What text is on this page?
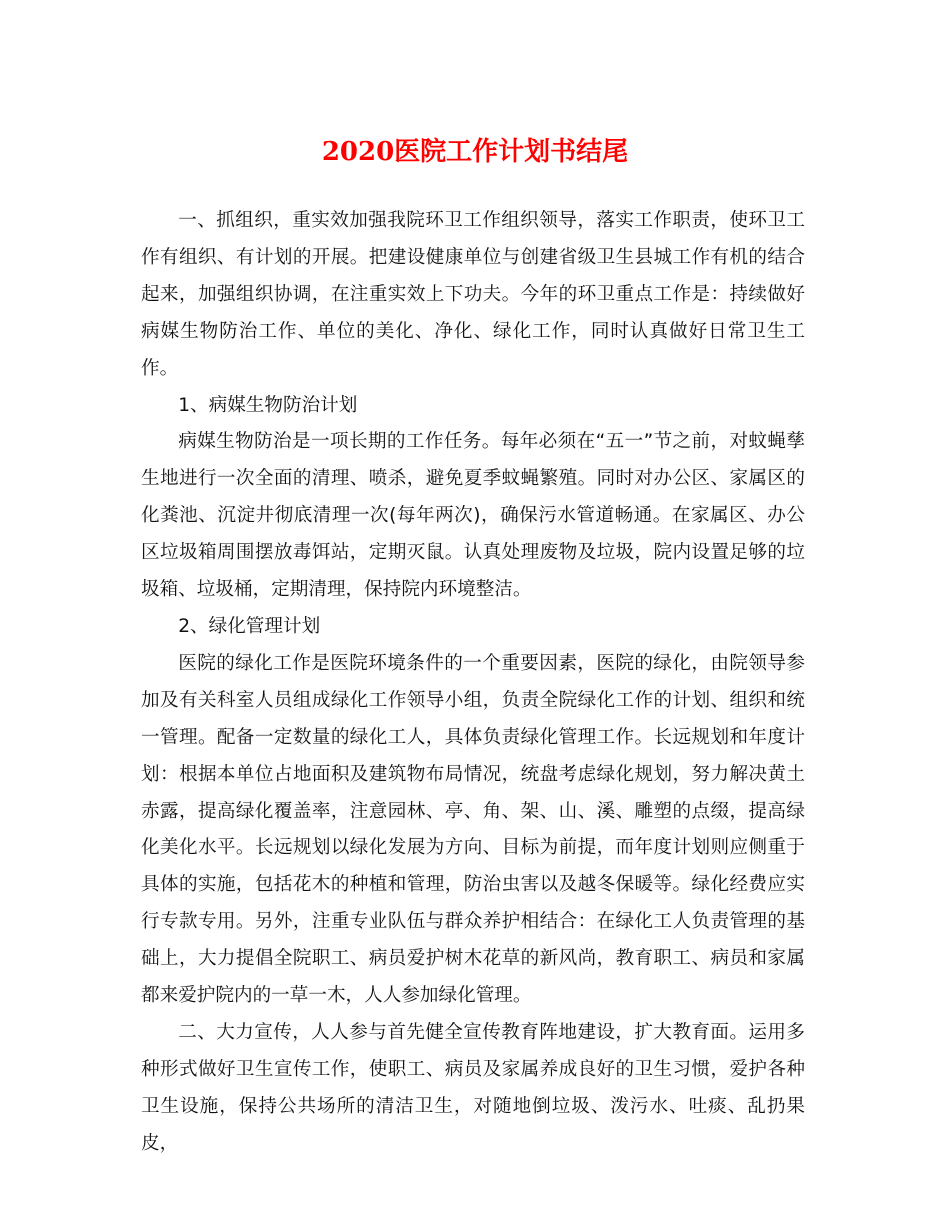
2020医院工作计划书结尾

一、抓组织，重实效加强我院环卫工作组织领导，落实工作职责，使环卫工作有组织、有计划的开展。把建设健康单位与创建省级卫生县城工作有机的结合起来，加强组织协调，在注重实效上下功夫。今年的环卫重点工作是：持续做好病媒生物防治工作、单位的美化、净化、绿化工作，同时认真做好日常卫生工作。

1、病媒生物防治计划

病媒生物防治是一项长期的工作任务。每年必须在“五一”节之前，对蚊蝇孳生地进行一次全面的清理、喷杀，避免夏季蚊蝇繁殖。同时对办公区、家属区的化粪池、沉淀井彻底清理一次(每年两次)，确保污水管道畅通。在家属区、办公区垃圾箱周围摆放毒饵站，定期灭鼠。认真处理废物及垃圾，院内设置足够的垃圾箱、垃圾桶，定期清理，保持院内环境整洁。

2、绿化管理计划

医院的绿化工作是医院环境条件的一个重要因素，医院的绿化，由院领导参加及有关科室人员组成绿化工作领导小组，负责全院绿化工作的计划、组织和统一管理。配备一定数量的绿化工人，具体负责绿化管理工作。长远规划和年度计划：根据本单位占地面积及建筑物布局情况，统盘考虑绿化规划，努力解决黄土赤露，提高绿化覆盖率，注意园林、亭、角、架、山、溪、雕塑的点缀，提高绿化美化水平。长远规划以绿化发展为方向、目标为前提，而年度计划则应侧重于具体的实施，包括花木的种植和管理，防治虫害以及越冬保暖等。绿化经费应实行专款专用。另外，注重专业队伍与群众养护相结合：在绿化工人负责管理的基础上，大力提倡全院职工、病员爱护树木花草的新风尚，教育职工、病员和家属都来爱护院内的一草一木，人人参加绿化管理。

二、大力宣传，人人参与首先健全宣传教育阵地建设，扩大教育面。运用多种形式做好卫生宣传工作，使职工、病员及家属养成良好的卫生习惯，爱护各种卫生设施，保持公共场所的清洁卫生，对随地倒垃圾、泼污水、吐痰、乱扔果皮，
